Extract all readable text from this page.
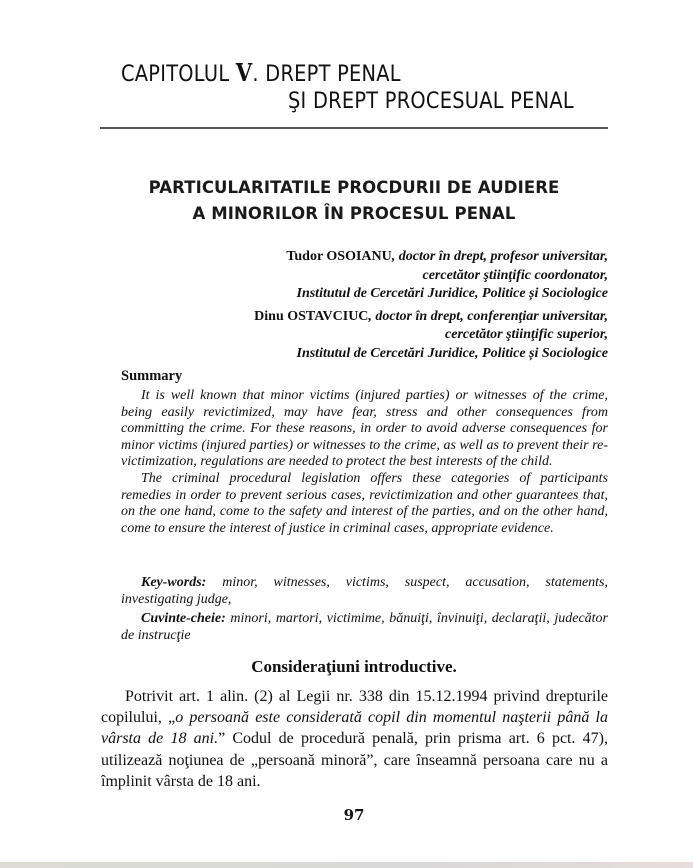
CAPITOLUL V. DREPT PENAL
ŞI DREPT PROCESUAL PENAL
PARTICULARITATILE PROCDURII DE AUDIERE
A MINORILOR ÎN PROCESUL PENAL
Tudor OSOIANU, doctor în drept, profesor universitar,
cercetător ştiinţific coordonator,
Institutul de Cercetări Juridice, Politice și Sociologice
Dinu OSTAVCIUC, doctor în drept, conferenţiar universitar,
cercetător ştiinţific superior,
Institutul de Cercetări Juridice, Politice și Sociologice
Summary

It is well known that minor victims (injured parties) or witnesses of the crime, being easily revictimized, may have fear, stress and other consequences from committing the crime. For these reasons, in order to avoid adverse consequences for minor victims (injured parties) or witnesses to the crime, as well as to prevent their re-victimization, regulations are needed to protect the best interests of the child.

The criminal procedural legislation offers these categories of participants remedies in order to prevent serious cases, revictimization and other guarantees that, on the one hand, come to the safety and interest of the parties, and on the other hand, come to ensure the interest of justice in criminal cases, appropriate evidence.

Key-words: minor, witnesses, victims, suspect, accusation, statements, investigating judge,

Cuvinte-cheie: minori, martori, victimime, bănuiţi, învinuiţi, declaraţii, judecător de instrucţie

Consideraţiuni introductive.

Potrivit art. 1 alin. (2) al Legii nr. 338 din 15.12.1994 privind drepturile copilului, „o persoană este considerată copil din momentul naşterii până la vârsta de 18 ani.” Codul de procedură penală, prin prisma art. 6 pct. 47), utilizează noţiunea de „persoană minoră”, care înseamnă persoana care nu a împlinit vârsta de 18 ani.

97
